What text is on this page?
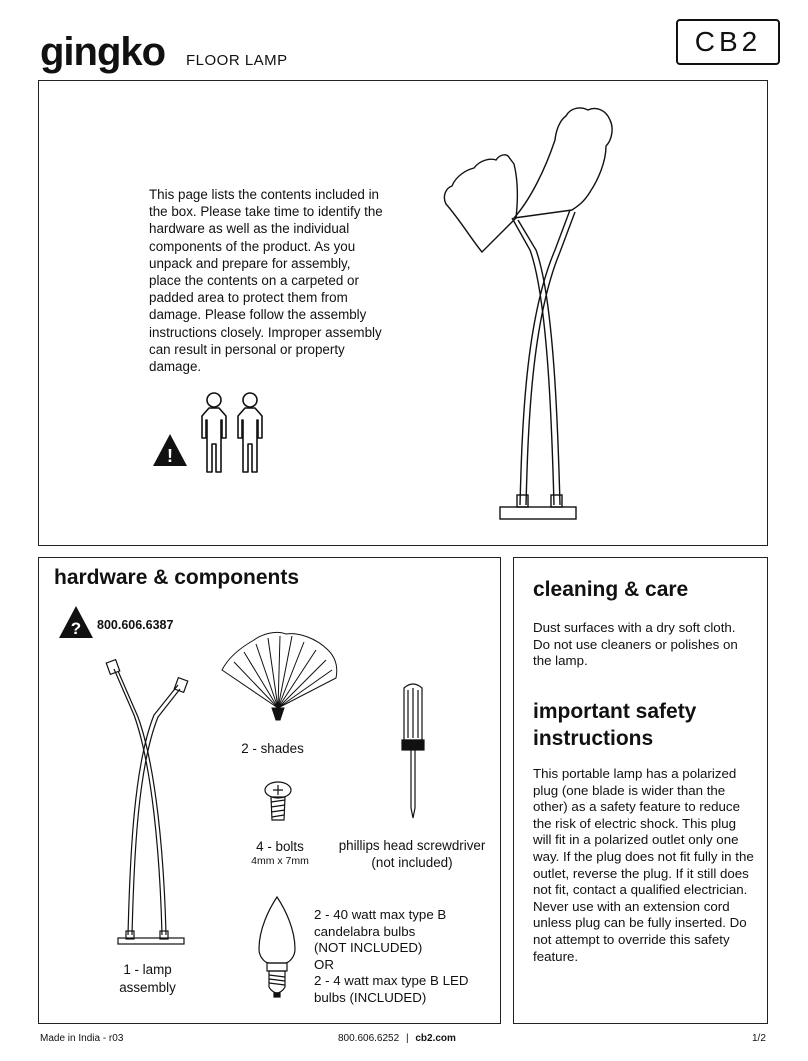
gingko FLOOR LAMP
CB2
This page lists the contents included in the box. Please take time to identify the hardware as well as the individual components of the product. As you unpack and prepare for assembly, place the contents on a carpeted or padded area to protect them from damage. Please follow the assembly instructions closely. Improper assembly can result in personal or property damage.
!
hardware & components
? 800.606.6387
1 - lamp
assembly
2 - shades
4 - bolts
4mm x 7mm
phillips head screwdriver
(not included)
2 - 40 watt max type B
candelabra bulbs
(NOT INCLUDED)
OR
2 - 4 watt max type B LED
bulbs (INCLUDED)
cleaning & care
Dust surfaces with a dry soft cloth. Do not use cleaners or polishes on the lamp.
important safety instructions
This portable lamp has a polarized plug (one blade is wider than the other) as a safety feature to reduce the risk of electric shock. This plug will fit in a polarized outlet only one way. If the plug does not fit fully in the outlet, reverse the plug. If it still does not fit, contact a qualified electrician. Never use with an extension cord unless plug can be fully inserted. Do not attempt to override this safety feature.
Made in India - r03	800.606.6252 | cb2.com	1/2
